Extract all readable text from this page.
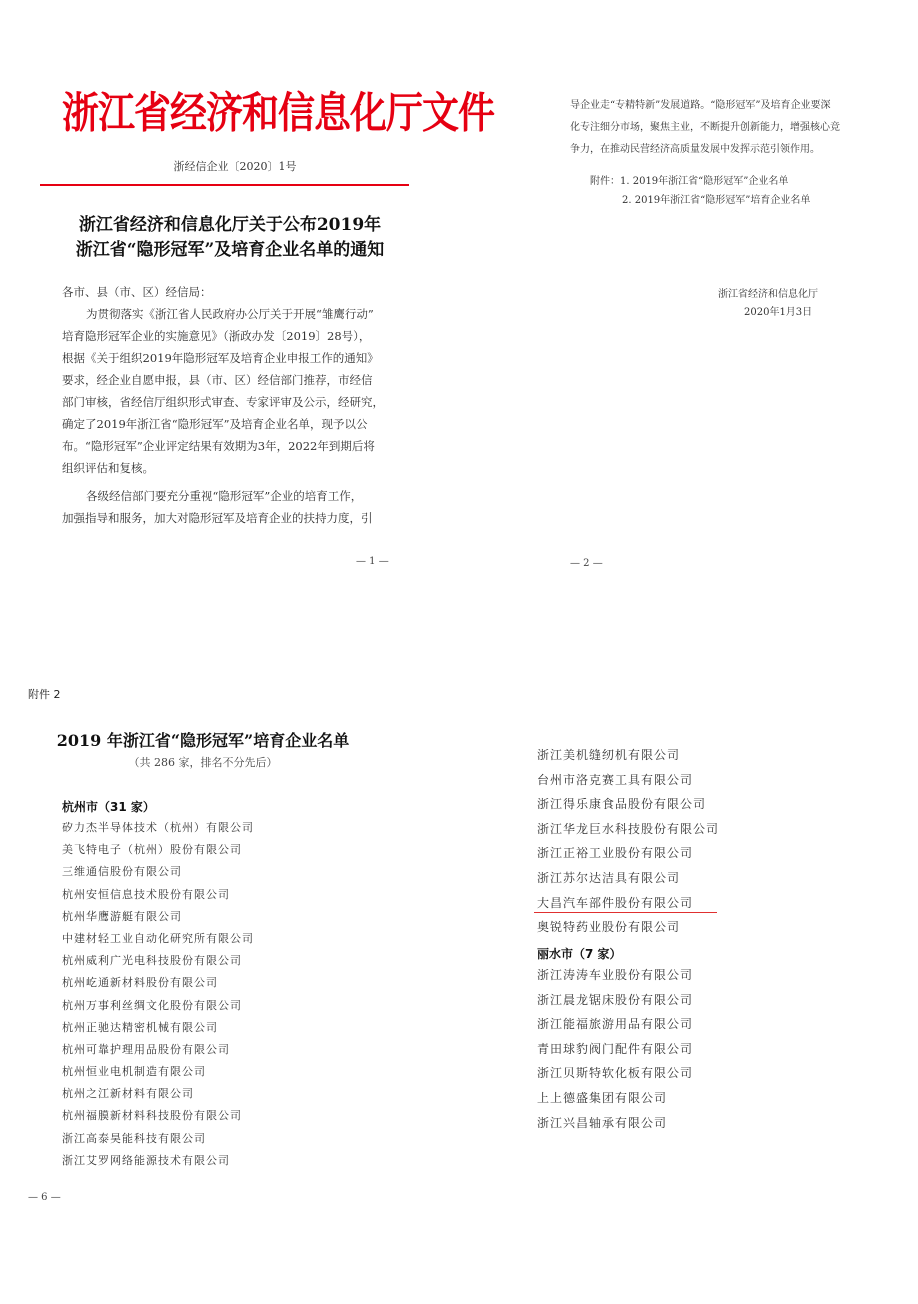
浙江省经济和信息化厅文件
浙经信企业〔2020〕1号
浙江省经济和信息化厅关于公布2019年
浙江省“隐形冠军”及培育企业名单的通知
各市、县（市、区）经信局：
为贯彻落实《浙江省人民政府办公厅关于开展“雏鹰行动”
培育隐形冠军企业的实施意见》（浙政办发〔2019〕28号），
根据《关于组织2019年隐形冠军及培育企业申报工作的通知》
要求，经企业自愿申报，县（市、区）经信部门推荐，市经信
部门审核，省经信厅组织形式审查、专家评审及公示，经研究，
确定了2019年浙江省“隐形冠军”及培育企业名单，现予以公
布。“隐形冠军”企业评定结果有效期为3年，2022年到期后将
组织评估和复核。
各级经信部门要充分重视“隐形冠军”企业的培育工作，
加强指导和服务，加大对隐形冠军及培育企业的扶持力度，引
— 1 —
导企业走“专精特新”发展道路。“隐形冠军”及培育企业要深
化专注细分市场，聚焦主业，不断提升创新能力，增强核心竞
争力，在推动民营经济高质量发展中发挥示范引领作用。
附件：1. 2019年浙江省“隐形冠军”企业名单
2. 2019年浙江省“隐形冠军”培育企业名单
浙江省经济和信息化厅
2020年1月3日
— 2 —
附件 2
2019 年浙江省“隐形冠军”培育企业名单
（共 286 家，排名不分先后）
杭州市（31 家）
矽力杰半导体技术（杭州）有限公司
美飞特电子（杭州）股份有限公司
三维通信股份有限公司
杭州安恒信息技术股份有限公司
杭州华鹰游艇有限公司
中建材轻工业自动化研究所有限公司
杭州威利广光电科技股份有限公司
杭州屹通新材料股份有限公司
杭州万事利丝绸文化股份有限公司
杭州正驰达精密机械有限公司
杭州可靠护理用品股份有限公司
杭州恒业电机制造有限公司
杭州之江新材料有限公司
杭州福膜新材料科技股份有限公司
浙江高泰昊能科技有限公司
浙江艾罗网络能源技术有限公司
浙江美机缝纫机有限公司
台州市洛克赛工具有限公司
浙江得乐康食品股份有限公司
浙江华龙巨水科技股份有限公司
浙江正裕工业股份有限公司
浙江苏尔达洁具有限公司
大昌汽车部件股份有限公司
奥锐特药业股份有限公司
丽水市（7 家）
浙江涛涛车业股份有限公司
浙江晨龙锯床股份有限公司
浙江能福旅游用品有限公司
青田球豹阀门配件有限公司
浙江贝斯特软化板有限公司
上上德盛集团有限公司
浙江兴昌轴承有限公司
— 6 —
